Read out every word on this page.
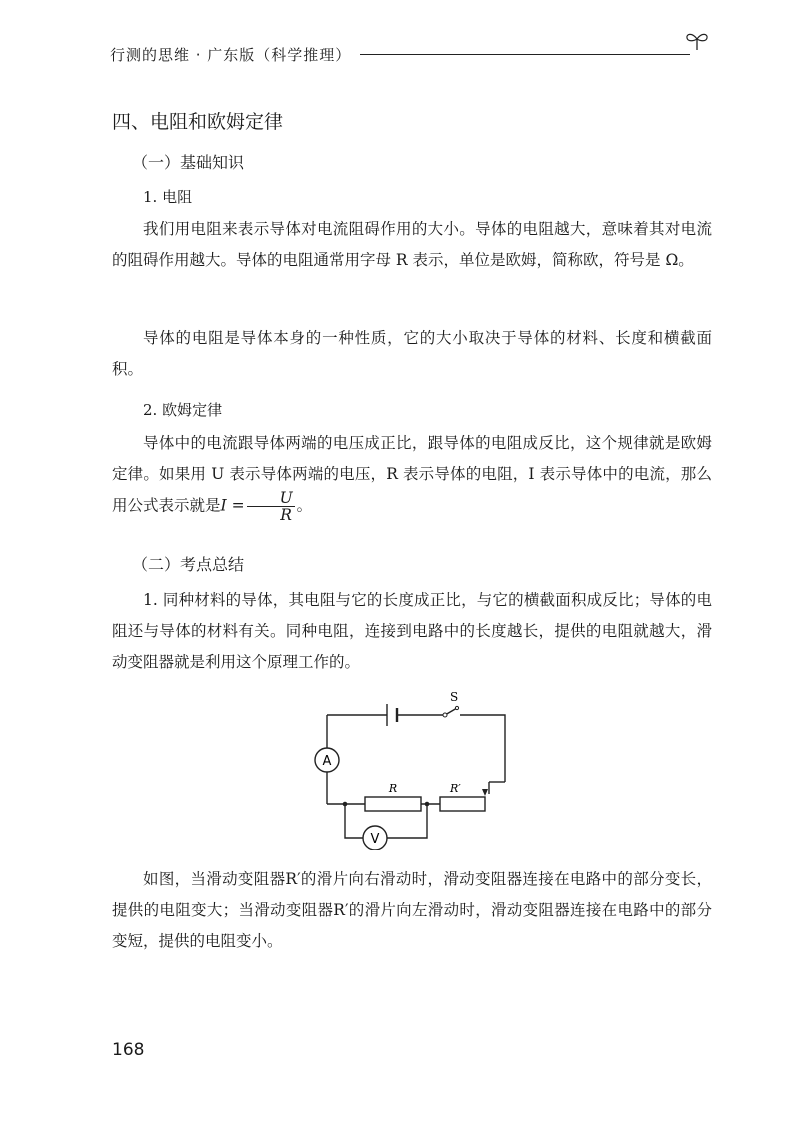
行测的思维 · 广东版（科学推理）
四、电阻和欧姆定律
（一）基础知识
1. 电阻
我们用电阻来表示导体对电流阻碍作用的大小。导体的电阻越大，意味着其对电流的阻碍作用越大。导体的电阻通常用字母 R 表示，单位是欧姆，简称欧，符号是 Ω。
导体的电阻是导体本身的一种性质，它的大小取决于导体的材料、长度和横截面积。
2. 欧姆定律
导体中的电流跟导体两端的电压成正比，跟导体的电阻成反比，这个规律就是欧姆定律。如果用 U 表示导体两端的电压，R 表示导体的电阻，I 表示导体中的电流，那么用公式表示就是$I = \frac{U}{R}$ 。
（二）考点总结
1. 同种材料的导体，其电阻与它的长度成正比，与它的横截面积成反比；导体的电阻还与导体的材料有关。同种电阻，连接到电路中的长度越长，提供的电阻就越大，滑动变阻器就是利用这个原理工作的。
S
A
V
R	R′
如图，当滑动变阻器R′的滑片向右滑动时，滑动变阻器连接在电路中的部分变长，提供的电阻变大；当滑动变阻器R′的滑片向左滑动时，滑动变阻器连接在电路中的部分变短，提供的电阻变小。
168
